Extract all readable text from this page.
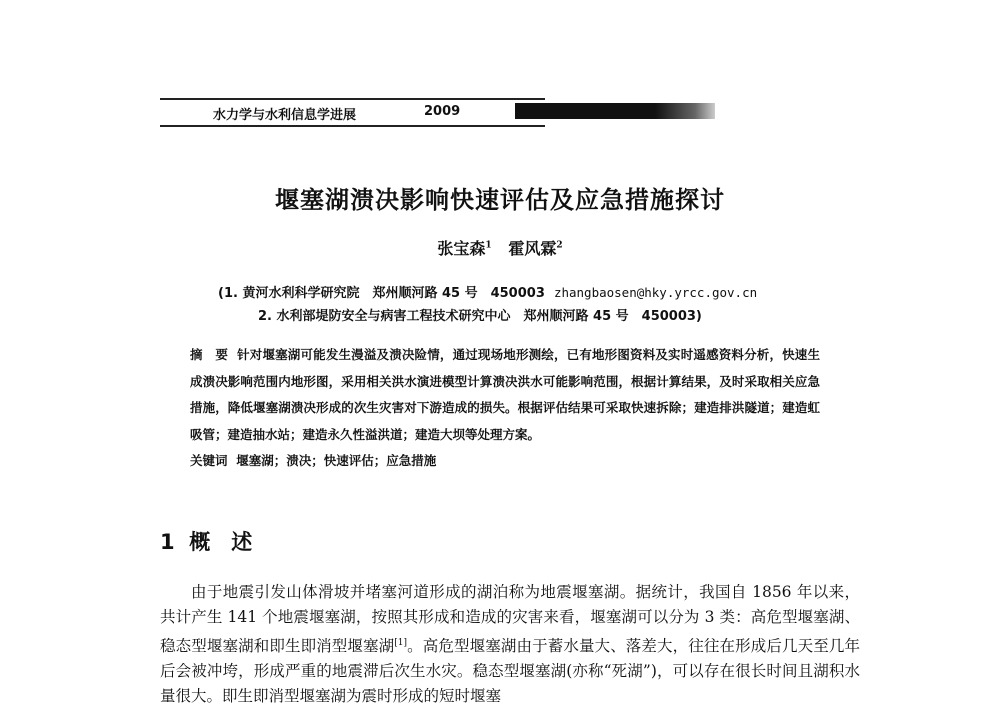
水力学与水利信息学进展	2009
堰塞湖溃决影响快速评估及应急措施探讨
张宝森$^1$ 霍风霖$^2$
(1. 黄河水利科学研究院　郑州顺河路 45 号　450003 zhangbaosen@hky.yrcc.gov.cn
2. 水利部堤防安全与病害工程技术研究中心　郑州顺河路 45 号　450003)
摘　要 针对堰塞湖可能发生漫溢及溃决险情，通过现场地形测绘，已有地形图资料及实时遥感资料分析，快速生成溃决影响范围内地形图，采用相关洪水演进模型计算溃决洪水可能影响范围，根据计算结果，及时采取相关应急措施，降低堰塞湖溃决形成的次生灾害对下游造成的损失。根据评估结果可采取快速拆除；建造排洪隧道；建造虹吸管；建造抽水站；建造永久性溢洪道；建造大坝等处理方案。
关键词 堰塞湖；溃决；快速评估；应急措施
1 概　述
由于地震引发山体滑坡并堵塞河道形成的湖泊称为地震堰塞湖。据统计，我国自 1856 年以来，共计产生 141 个地震堰塞湖，按照其形成和造成的灾害来看，堰塞湖可以分为 3 类：高危型堰塞湖、稳态型堰塞湖和即生即消型堰塞湖[1]。高危型堰塞湖由于蓄水量大、落差大，往往在形成后几天至几年后会被冲垮，形成严重的地震滞后次生水灾。稳态型堰塞湖(亦称“死湖”)，可以存在很长时间且湖积水量很大。即生即消型堰塞湖为震时形成的短时堰塞
